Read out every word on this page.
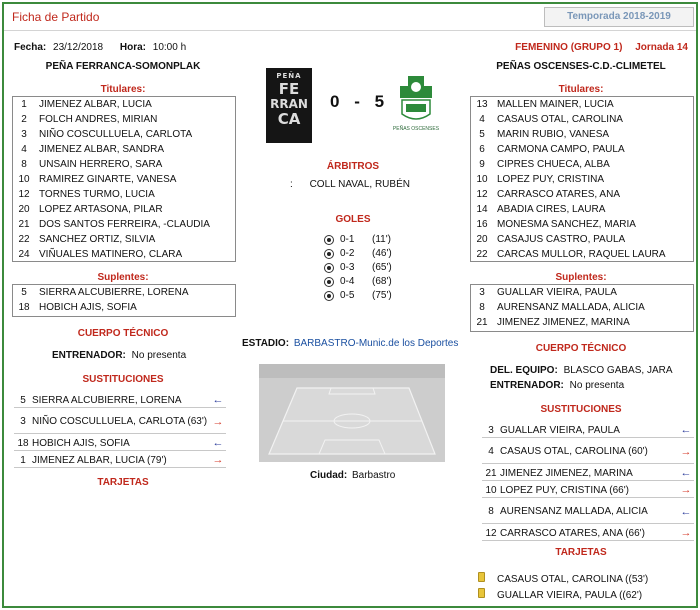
Ficha de Partido	Temporada 2018-2019
Fecha: 23/12/2018 Hora: 10:00 h	FEMENINO (GRUPO 1) Jornada 14
PEÑA FERRANCA-SOMONPLAK	PEÑAS OSCENSES-C.D.-CLIMETEL
PEÑA
FE
RRAN
CA
0 - 5
PEÑAS OSCENSES
Titulares:
1	JIMENEZ ALBAR, LUCIA
2	FOLCH ANDRES, MIRIAN
3	NIÑO COSCULLUELA, CARLOTA
4	JIMENEZ ALBAR, SANDRA
8	UNSAIN HERRERO, SARA
10 RAMIREZ GINARTE, VANESA
12 TORNES TURMO, LUCIA
20 LOPEZ ARTASONA, PILAR
21 DOS SANTOS FERREIRA, -CLAUDIA
22 SANCHEZ ORTIZ, SILVIA
24 VIÑUALES MATINERO, CLARA
Suplentes:
5	SIERRA ALCUBIERRE, LORENA
18 HOBICH AJIS, SOFIA
CUERPO TÉCNICO
ENTRENADOR: No presenta
SUSTITUCIONES
5 SIERRA ALCUBIERRE, LORENA	←
3 NIÑO COSCULLUELA, CARLOTA (63') →
18 HOBICH AJIS, SOFIA	←
1 JIMENEZ ALBAR, LUCIA (79')	→
TARJETAS
ÁRBITROS
: COLL NAVAL, RUBÉN
GOLES
0-1	(11')
0-2	(46')
0-3	(65')
0-4	(68')
0-5	(75')
ESTADIO: BARBASTRO-Munic.de los Deportes
Ciudad: Barbastro
Titulares:
13 MALLEN MAINER, LUCIA
4	CASAUS OTAL, CAROLINA
5	MARIN RUBIO, VANESA
6	CARMONA CAMPO, PAULA
9	CIPRES CHUECA, ALBA
10 LOPEZ PUY, CRISTINA
12 CARRASCO ATARES, ANA
14 ABADIA CIRES, LAURA
16 MONESMA SANCHEZ, MARIA
20 CASAJUS CASTRO, PAULA
22 CARCAS MULLOR, RAQUEL LAURA
Suplentes:
3	GUALLAR VIEIRA, PAULA
8	AURENSANZ MALLADA, ALICIA
21 JIMENEZ JIMENEZ, MARINA
CUERPO TÉCNICO
DEL. EQUIPO: BLASCO GABAS, JARA
ENTRENADOR: No presenta
SUSTITUCIONES
3 GUALLAR VIEIRA, PAULA	←
4 CASAUS OTAL, CAROLINA (60')	→
21 JIMENEZ JIMENEZ, MARINA	←
10 LOPEZ PUY, CRISTINA (66')	→
8 AURENSANZ MALLADA, ALICIA	←
12 CARRASCO ATARES, ANA (66')	→
TARJETAS
CASAUS OTAL, CAROLINA ((53')
GUALLAR VIEIRA, PAULA ((62')
